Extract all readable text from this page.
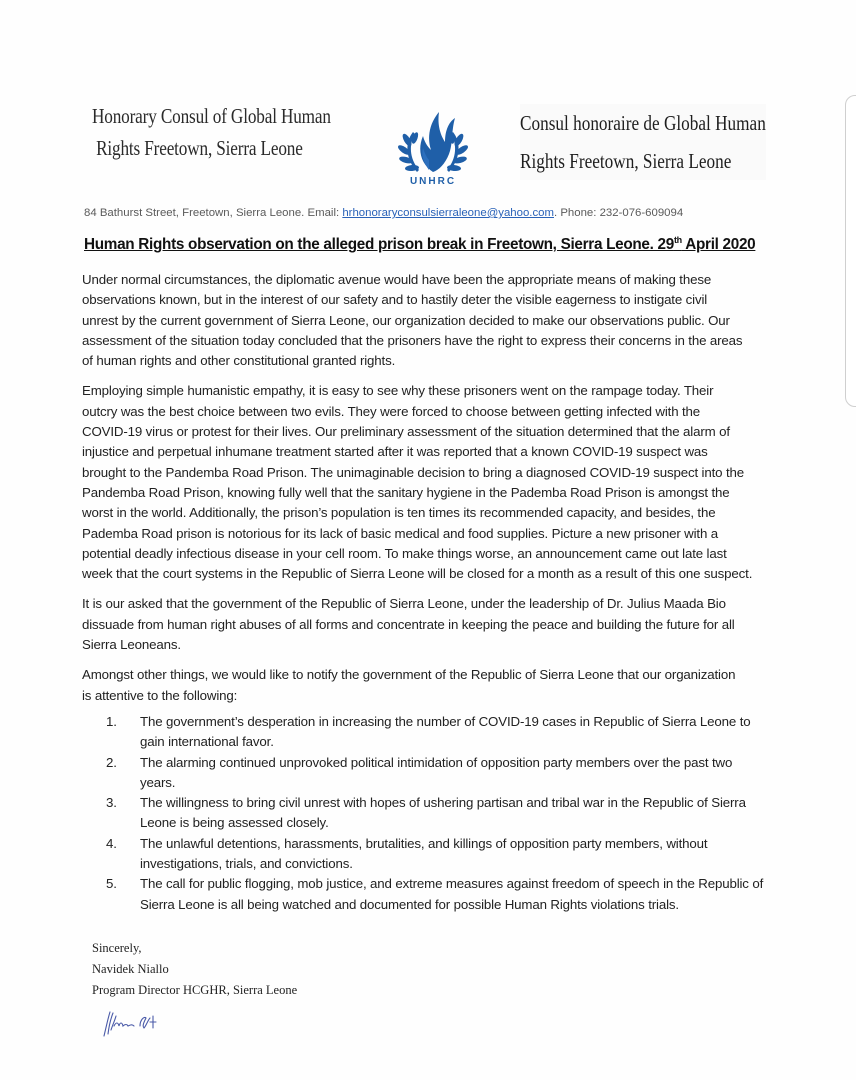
Honorary Consul of Global Human
Rights Freetown, Sierra Leone
UNHRC
Consul honoraire de Global Human
Rights Freetown, Sierra Leone
84 Bathurst Street, Freetown, Sierra Leone. Email: hrhonoraryconsulsierraleone@yahoo.com. Phone: 232-076-609094
Human Rights observation on the alleged prison break in Freetown, Sierra Leone. 29th April 2020

Under normal circumstances, the diplomatic avenue would have been the appropriate means of making these
observations known, but in the interest of our safety and to hastily deter the visible eagerness to instigate civil
unrest by the current government of Sierra Leone, our organization decided to make our observations public. Our
assessment of the situation today concluded that the prisoners have the right to express their concerns in the areas
of human rights and other constitutional granted rights.

Employing simple humanistic empathy, it is easy to see why these prisoners went on the rampage today. Their
outcry was the best choice between two evils. They were forced to choose between getting infected with the
COVID-19 virus or protest for their lives. Our preliminary assessment of the situation determined that the alarm of
injustice and perpetual inhumane treatment started after it was reported that a known COVID-19 suspect was
brought to the Pandemba Road Prison. The unimaginable decision to bring a diagnosed COVID-19 suspect into the
Pandemba Road Prison, knowing fully well that the sanitary hygiene in the Pademba Road Prison is amongst the
worst in the world. Additionally, the prison’s population is ten times its recommended capacity, and besides, the
Pademba Road prison is notorious for its lack of basic medical and food supplies. Picture a new prisoner with a
potential deadly infectious disease in your cell room. To make things worse, an announcement came out late last
week that the court systems in the Republic of Sierra Leone will be closed for a month as a result of this one suspect.

It is our asked that the government of the Republic of Sierra Leone, under the leadership of Dr. Julius Maada Bio
dissuade from human right abuses of all forms and concentrate in keeping the peace and building the future for all
Sierra Leoneans.

Amongst other things, we would like to notify the government of the Republic of Sierra Leone that our organization
is attentive to the following:

1.	The government’s desperation in increasing the number of COVID-19 cases in Republic of Sierra Leone to
gain international favor.
2.	The alarming continued unprovoked political intimidation of opposition party members over the past two
years.
3.	The willingness to bring civil unrest with hopes of ushering partisan and tribal war in the Republic of Sierra
Leone is being assessed closely.
4.	The unlawful detentions, harassments, brutalities, and killings of opposition party members, without
investigations, trials, and convictions.
5.	The call for public flogging, mob justice, and extreme measures against freedom of speech in the Republic of
Sierra Leone is all being watched and documented for possible Human Rights violations trials.
Sincerely,
Navidek Niallo
Program Director HCGHR, Sierra Leone
